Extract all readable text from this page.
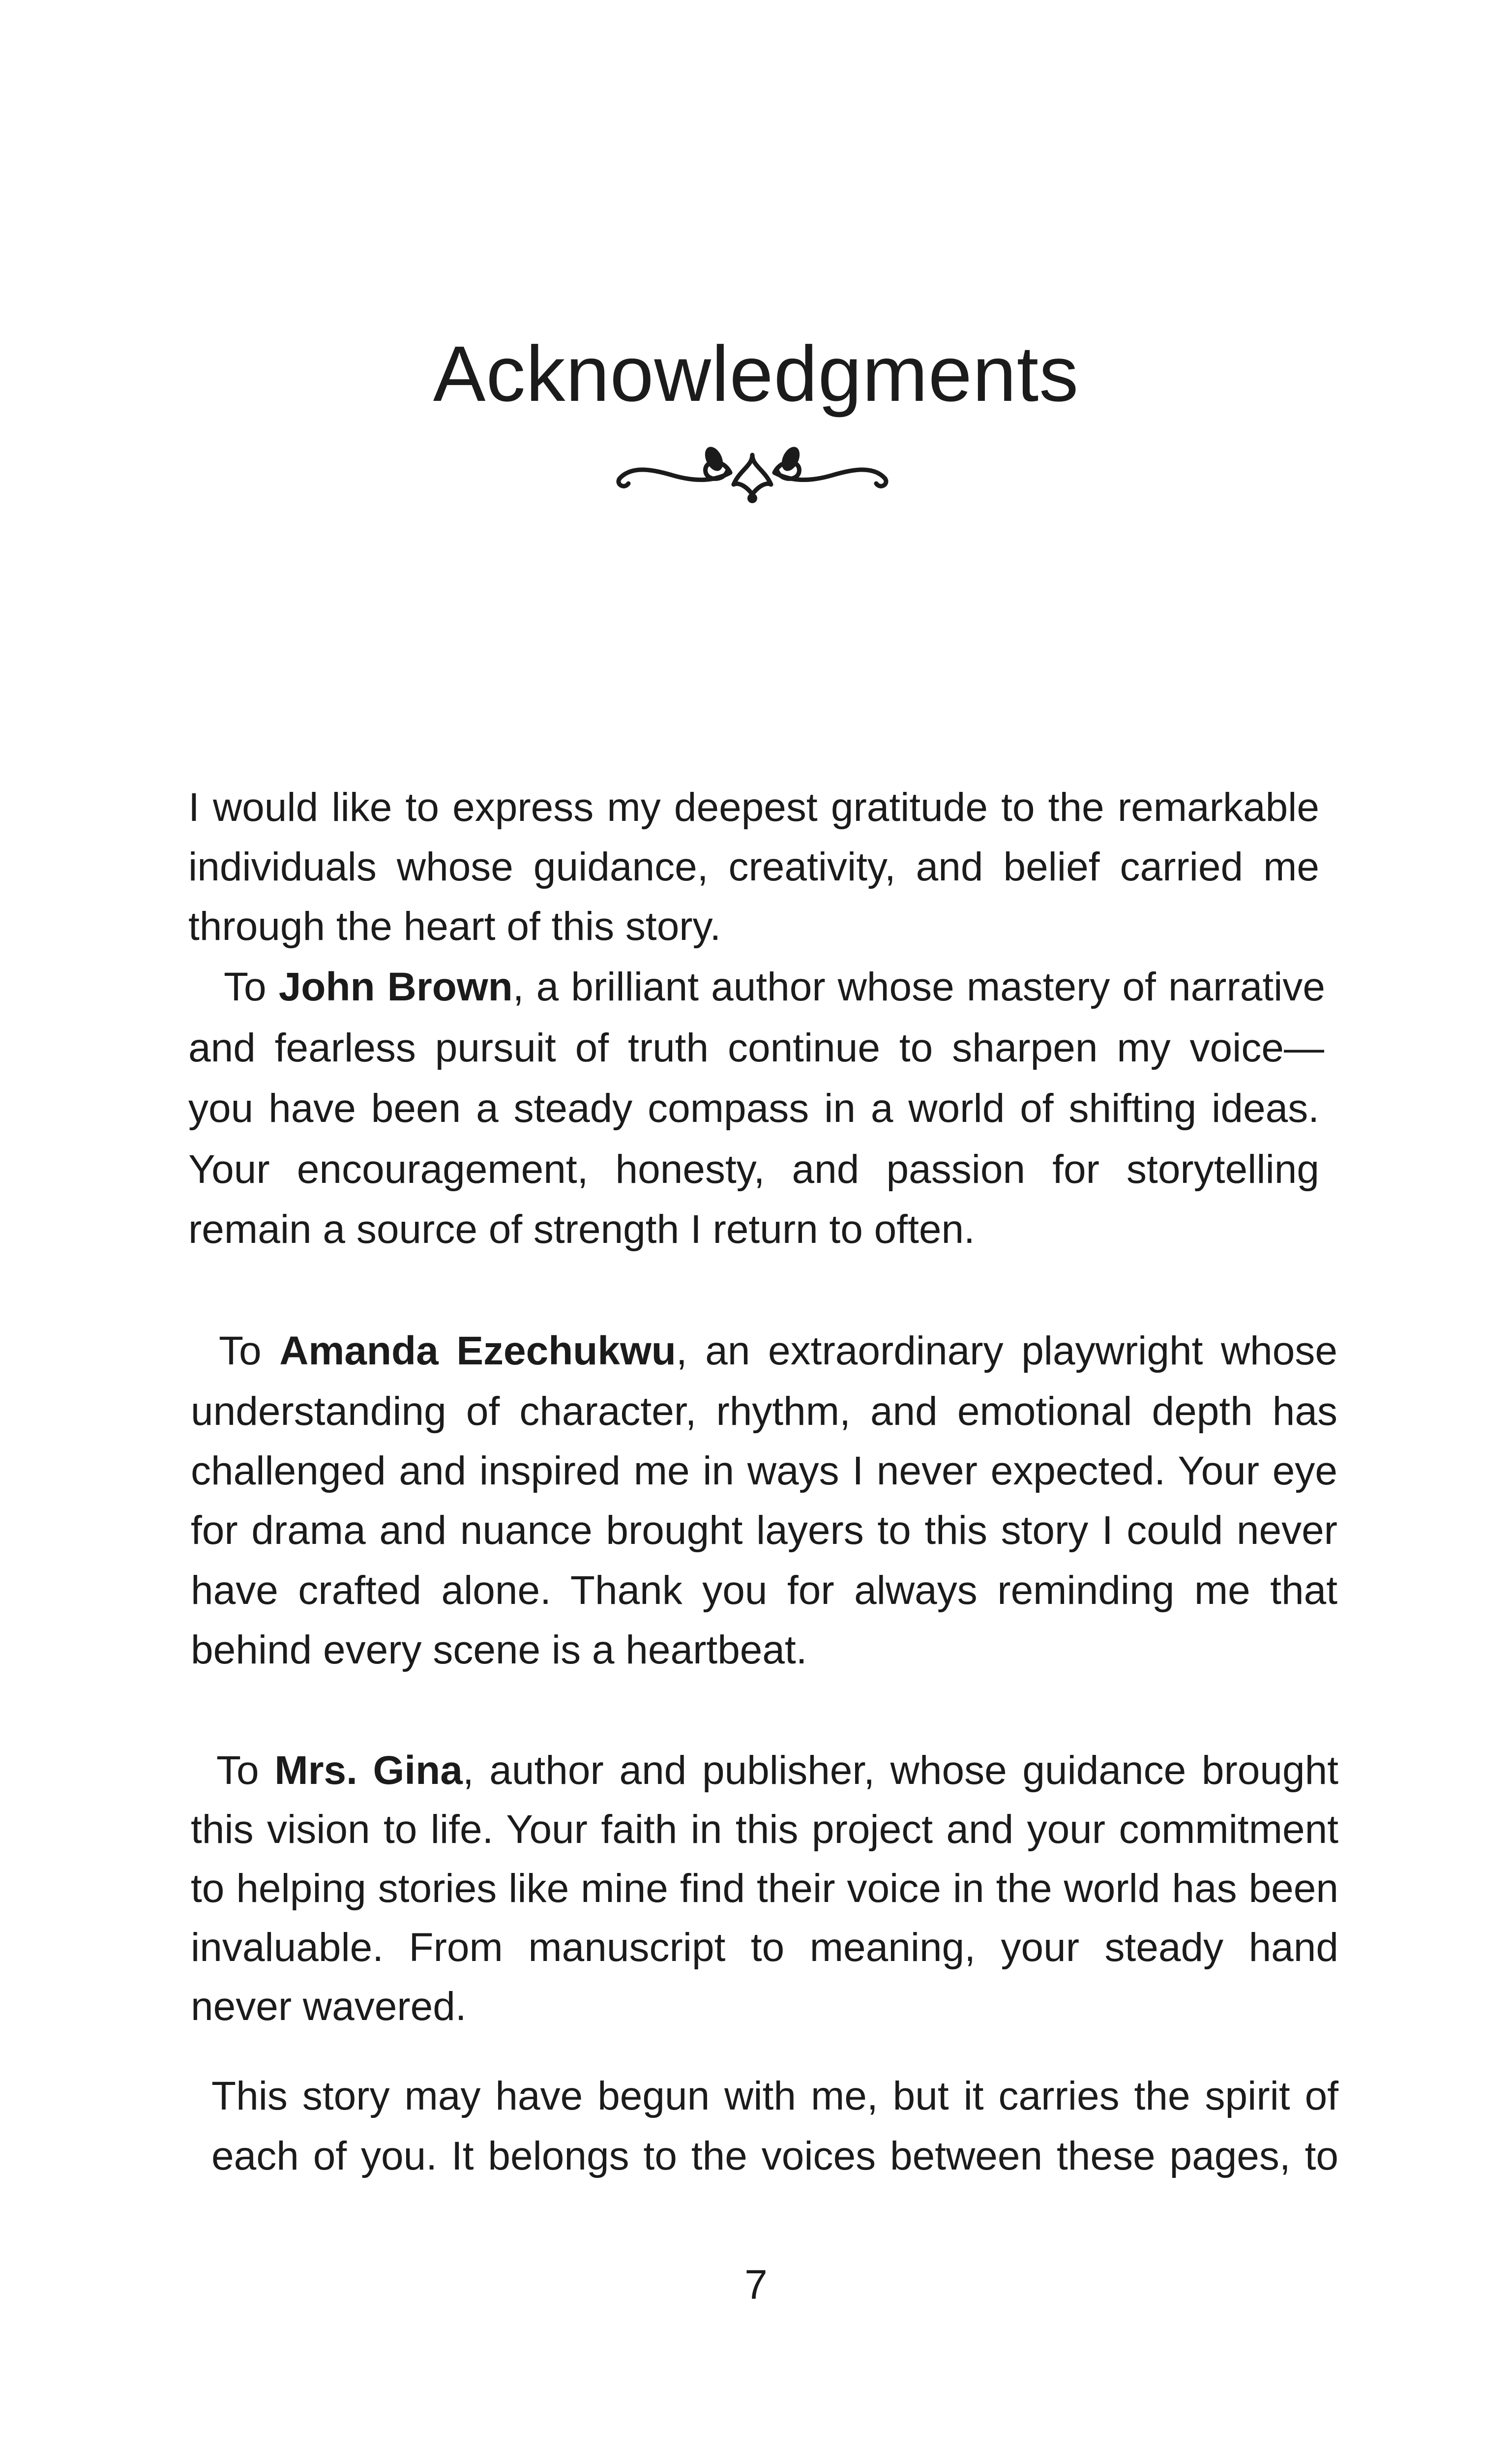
Acknowledgments
I would like to express my deepest gratitude to the remarkable
individuals whose guidance, creativity, and belief carried me
through the heart of this story.
To John Brown, a brilliant author whose mastery of narrative
and fearless pursuit of truth continue to sharpen my voice—
you have been a steady compass in a world of shifting ideas.
Your encouragement, honesty, and passion for storytelling
remain a source of strength I return to often.
To Amanda Ezechukwu, an extraordinary playwright whose
understanding of character, rhythm, and emotional depth has
challenged and inspired me in ways I never expected. Your eye
for drama and nuance brought layers to this story I could never
have crafted alone. Thank you for always reminding me that
behind every scene is a heartbeat.
To Mrs. Gina, author and publisher, whose guidance brought
this vision to life. Your faith in this project and your commitment
to helping stories like mine find their voice in the world has been
invaluable. From manuscript to meaning, your steady hand
never wavered.
This story may have begun with me, but it carries the spirit of
each of you. It belongs to the voices between these pages, to
7
